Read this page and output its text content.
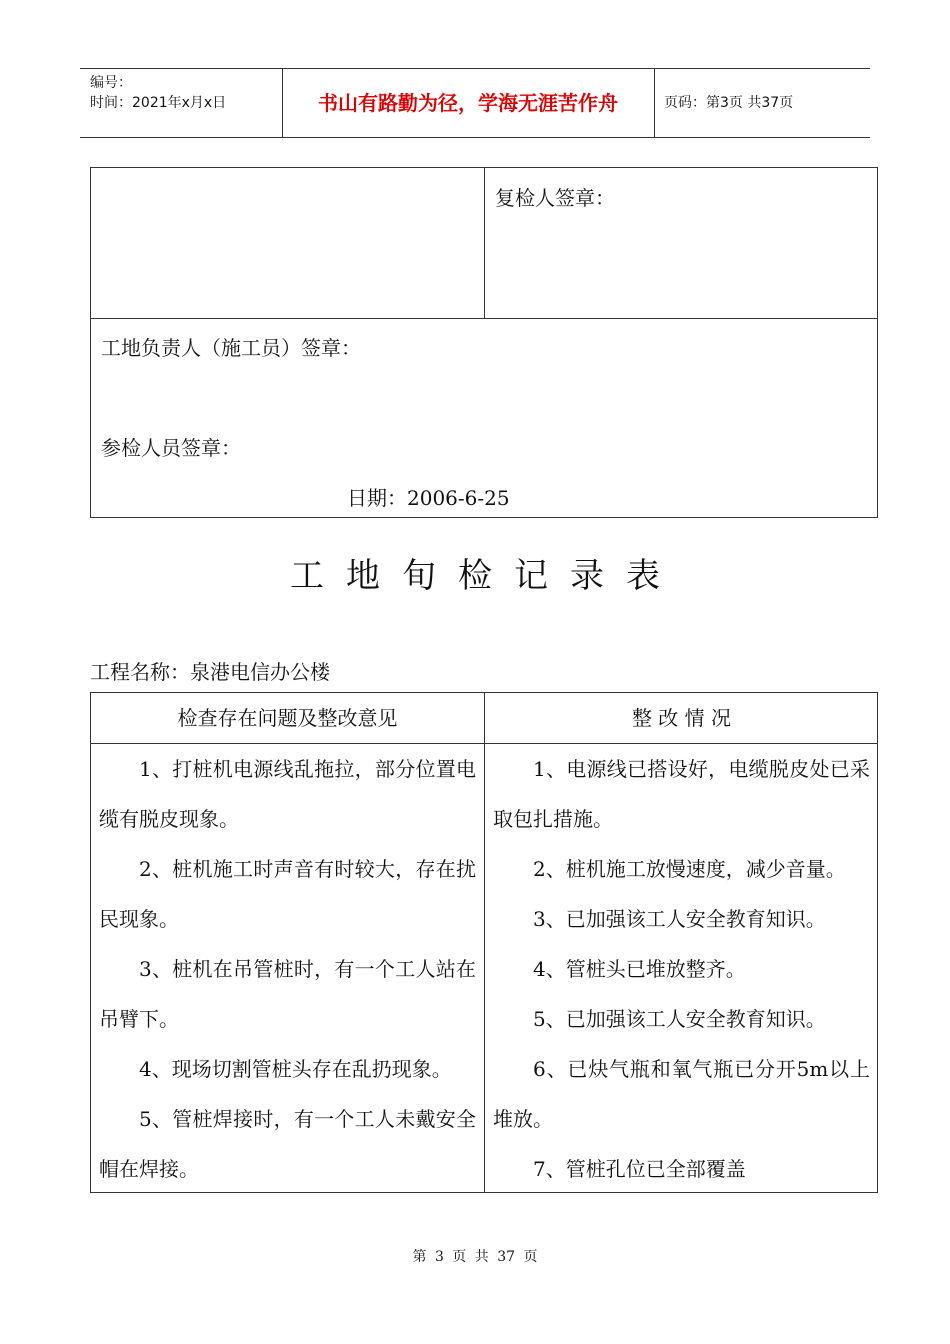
编号：
时间：2021年x月x日	书山有路勤为径，学海无涯苦作舟	页码：第3页 共37页
复检人签章：
工地负责人（施工员）签章：
参检人员签章：
日期：2006-6-25
工地旬检记录表
工程名称：泉港电信办公楼
检查存在问题及整改意见	整 改 情 况

1、打桩机电源线乱拖拉，部分位置电缆有脱皮现象。

2、桩机施工时声音有时较大，存在扰民现象。

3、桩机在吊管桩时，有一个工人站在吊臂下。

4、现场切割管桩头存在乱扔现象。

5、管桩焊接时，有一个工人未戴安全帽在焊接。

1、电源线已搭设好，电缆脱皮处已采取包扎措施。

2、桩机施工放慢速度，减少音量。

3、已加强该工人安全教育知识。

4、管桩头已堆放整齐。

5、已加强该工人安全教育知识。

6、已炔气瓶和氧气瓶已分开5m以上堆放。

7、管桩孔位已全部覆盖

第 3 页 共 37 页
